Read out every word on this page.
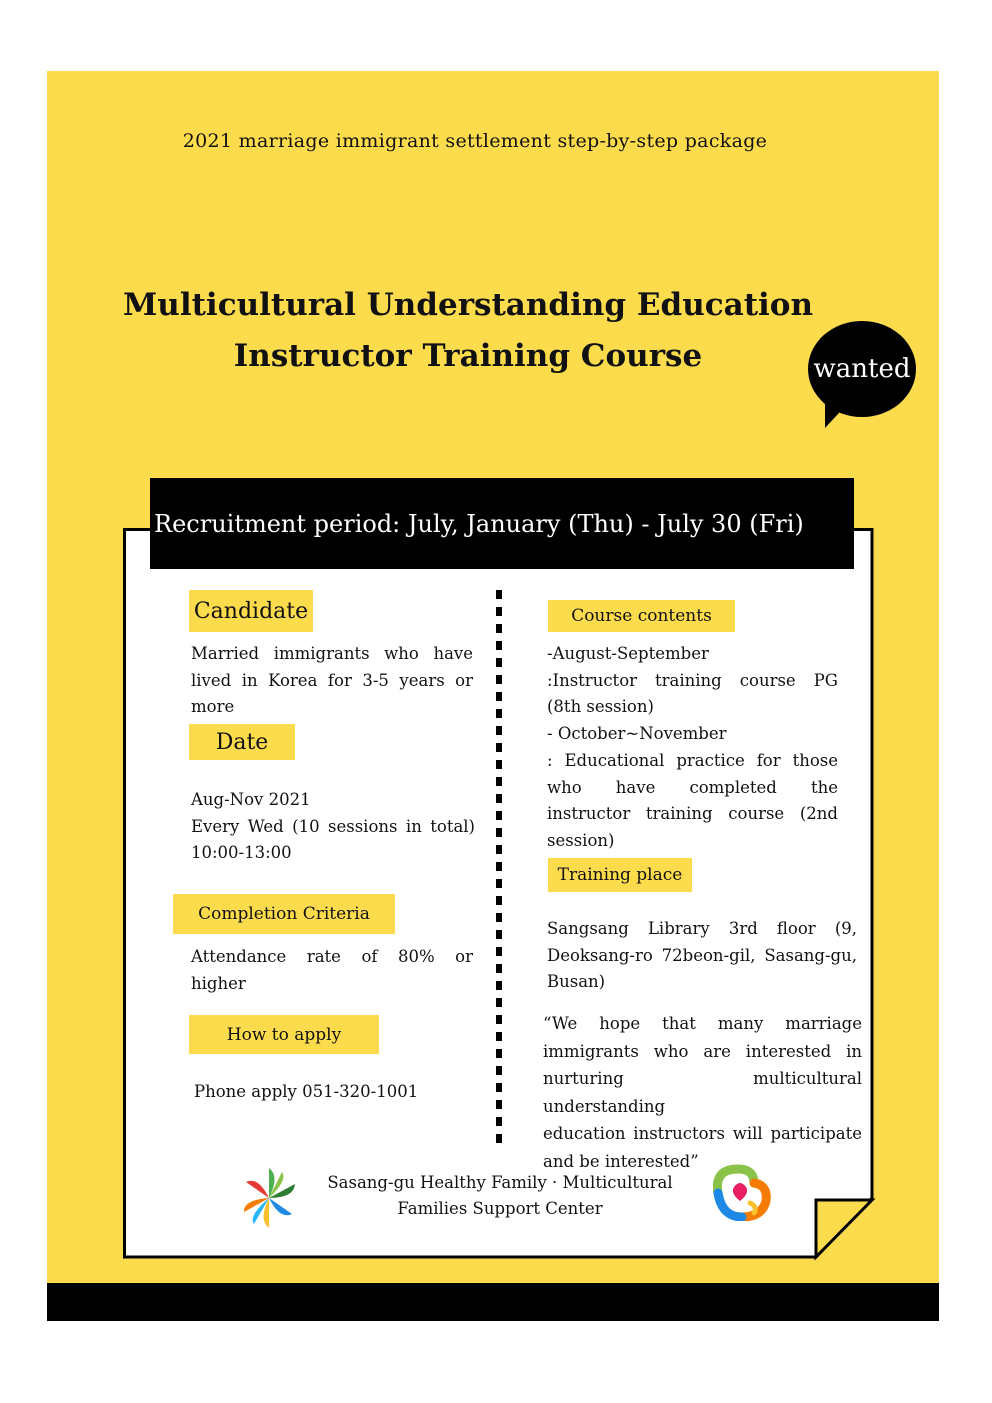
2021 marriage immigrant settlement step-by-step package
Multicultural Understanding Education
Instructor Training Course	wanted
Recruitment period: July, January (Thu) - July 30 (Fri)
Candidate
Married immigrants who have
lived in Korea for 3-5 years or
more
Date
Aug-Nov 2021
Every Wed (10 sessions in total)
10:00-13:00
Completion Criteria
Attendance rate of 80% or
higher
How to apply
Phone apply 051-320-1001
Course contents
-August-September
:Instructor training course PG
(8th session)
- October~November
: Educational practice for those
who have completed the
instructor training course (2nd
session)
Training place
Sangsang Library 3rd floor (9,
Deoksang-ro 72beon-gil, Sasang-gu,
Busan)
“We hope that many marriage
immigrants who are interested in
nurturing multicultural understanding
education instructors will participate
and be interested”
Sasang-gu Healthy Family · Multicultural
Families Support Center
